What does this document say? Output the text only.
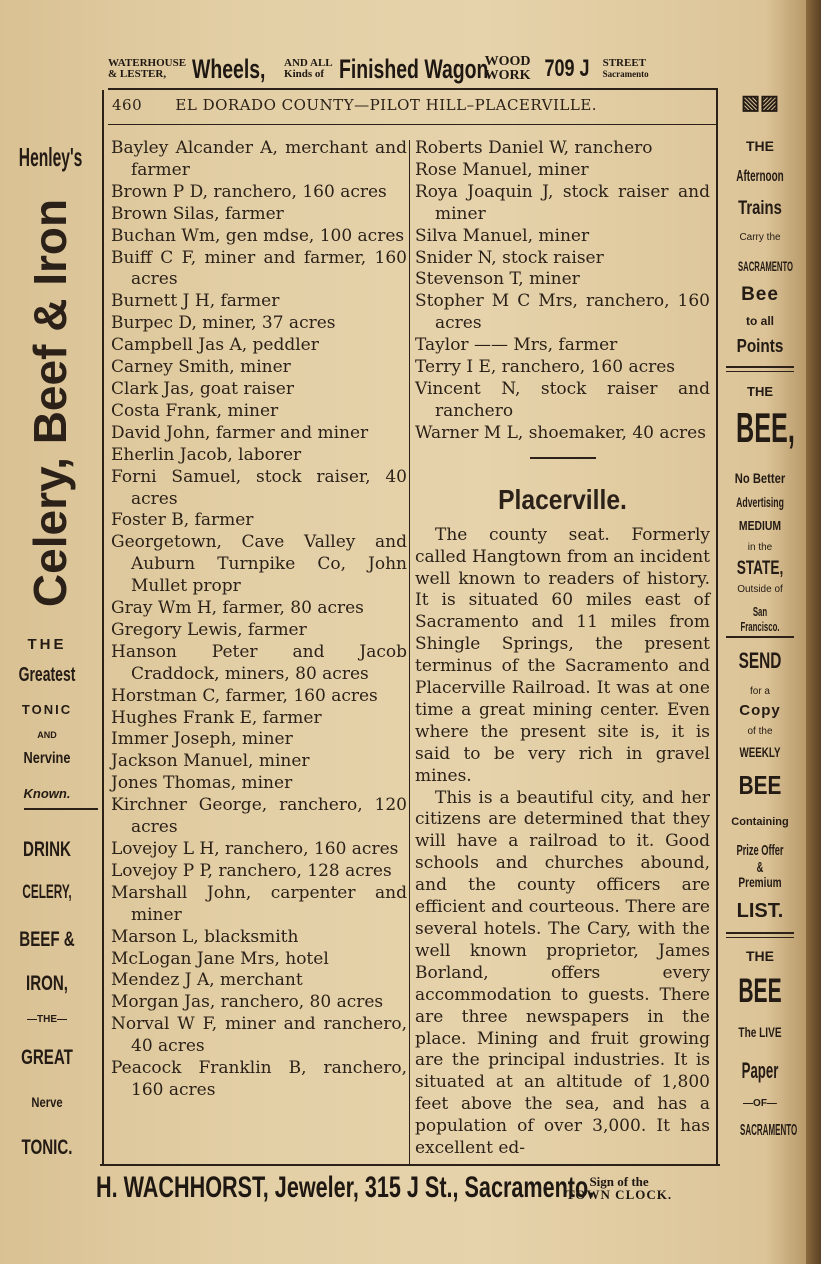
WATERHOUSE
& LESTER, Wheels,	AND ALL
Kinds of Finished Wagon
WOOD
WORK 709 J STREET
Sacramento
460 EL DORADO COUNTY—PILOT HILL–PLACERVILLE.
Bayley Alcander A, merchant and farmer
Brown P D, ranchero, 160 acres
Brown Silas, farmer
Buchan Wm, gen mdse, 100 acres
Buiff C F, miner and farmer, 160 acres
Burnett J H, farmer
Burpec D, miner, 37 acres
Campbell Jas A, peddler
Carney Smith, miner
Clark Jas, goat raiser
Costa Frank, miner
David John, farmer and miner
Eherlin Jacob, laborer
Forni Samuel, stock raiser, 40 acres
Foster B, farmer
Georgetown, Cave Valley and Auburn Turnpike Co, John Mullet propr
Gray Wm H, farmer, 80 acres
Gregory Lewis, farmer
Hanson Peter and Jacob Craddock, miners, 80 acres
Horstman C, farmer, 160 acres
Hughes Frank E, farmer
Immer Joseph, miner
Jackson Manuel, miner
Jones Thomas, miner
Kirchner George, ranchero, 120 acres
Lovejoy L H, ranchero, 160 acres
Lovejoy P P, ranchero, 128 acres
Marshall John, carpenter and miner
Marson L, blacksmith
McLogan Jane Mrs, hotel
Mendez J A, merchant
Morgan Jas, ranchero, 80 acres
Norval W F, miner and ranchero, 40 acres
Peacock Franklin B, ranchero, 160 acres
Roberts Daniel W, ranchero
Rose Manuel, miner
Roya Joaquin J, stock raiser and miner
Silva Manuel, miner
Snider N, stock raiser
Stevenson T, miner
Stopher M C Mrs, ranchero, 160 acres
Taylor —— Mrs, farmer
Terry I E, ranchero, 160 acres
Vincent N, stock raiser and ranchero
Warner M L, shoemaker, 40 acres
Placerville.
The county seat. Formerly called Hangtown from an incident well known to readers of history. It is situated 60 miles east of Sacramento and 11 miles from Shingle Springs, the present terminus of the Sacramento and Placerville Railroad. It was at one time a great mining center. Even where the present site is, it is said to be very rich in gravel mines.
This is a beautiful city, and her citizens are determined that they will have a railroad to it. Good schools and churches abound, and the county officers are efficient and courteous. There are several hotels. The Cary, with the well known proprietor, James Borland, offers every accommodation to guests. There are three newspapers in the place. Mining and fruit growing are the principal industries. It is situated at an altitude of 1,800 feet above the sea, and has a population of over 3,000. It has excellent ed-
Henley's
Celery, Beef & Iron
THE
Greatest
TONIC
AND
Nervine
Known.
DRINK
CELERY,
BEEF &
IRON,
—THE—
GREAT
Nerve
TONIC.
▧▨
THE
Afternoon
Trains
Carry the
SACRAMENTO
Bee
to all
Points
THE
BEE,
No Better
Advertising
MEDIUM
in the
STATE,
Outside of
San Francisco.
SEND
for a
Copy
of the
WEEKLY
BEE
Containing
Prize Offer &
Premium
LIST.
THE
BEE
The LIVE
Paper
—OF—
SACRAMENTO
H. WACHHORST, Jeweler, 315 J St., Sacramento.
Sign of the
TOWN CLOCK.
